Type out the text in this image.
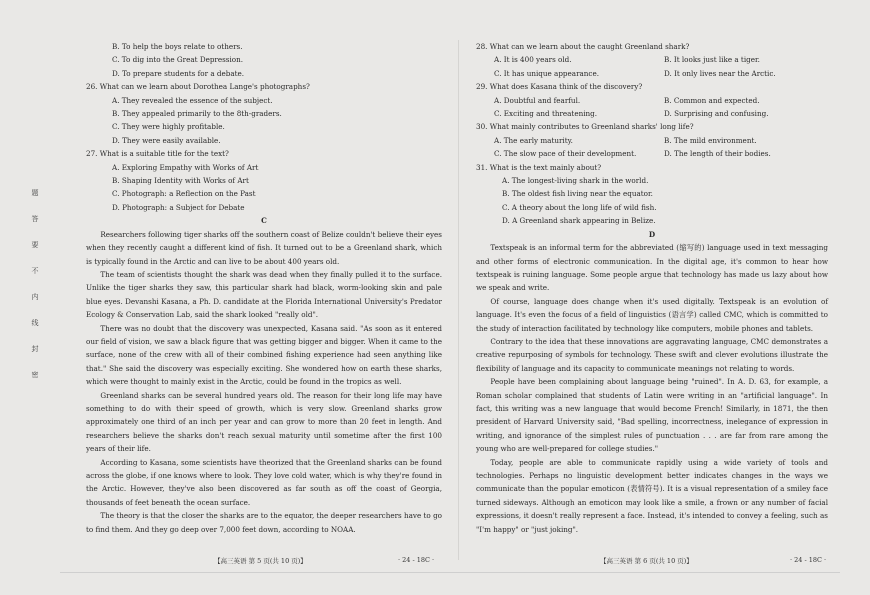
题
答
要
不
内
线
封
密

B. To help the boys relate to others.

C. To dig into the Great Depression.

D. To prepare students for a debate.

26. What can we learn about Dorothea Lange's photographs?

A. They revealed the essence of the subject.

B. They appealed primarily to the 8th-graders.

C. They were highly profitable.

D. They were easily available.

27. What is a suitable title for the text?

A. Exploring Empathy with Works of Art

B. Shaping Identity with Works of Art

C. Photograph: a Reflection on the Past

D. Photograph: a Subject for Debate

C

Researchers following tiger sharks off the southern coast of Belize couldn't believe their eyes when they recently caught a different kind of fish. It turned out to be a Greenland shark, which is typically found in the Arctic and can live to be about 400 years old.

The team of scientists thought the shark was dead when they finally pulled it to the surface. Unlike the tiger sharks they saw, this particular shark had black, worm-looking skin and pale blue eyes. Devanshi Kasana, a Ph. D. candidate at the Florida International University's Predator Ecology & Conservation Lab, said the shark looked "really old".

There was no doubt that the discovery was unexpected, Kasana said. "As soon as it entered our field of vision, we saw a black figure that was getting bigger and bigger. When it came to the surface, none of the crew with all of their combined fishing experience had seen anything like that." She said the discovery was especially exciting. She wondered how on earth these sharks, which were thought to mainly exist in the Arctic, could be found in the tropics as well.

Greenland sharks can be several hundred years old. The reason for their long life may have something to do with their speed of growth, which is very slow. Greenland sharks grow approximately one third of an inch per year and can grow to more than 20 feet in length. And researchers believe the sharks don't reach sexual maturity until sometime after the first 100 years of their life.

According to Kasana, some scientists have theorized that the Greenland sharks can be found across the globe, if one knows where to look. They love cold water, which is why they're found in the Arctic. However, they've also been discovered as far south as off the coast of Georgia, thousands of feet beneath the ocean surface.

The theory is that the closer the sharks are to the equator, the deeper researchers have to go to find them. And they go deep over 7,000 feet down, according to NOAA.

28. What can we learn about the caught Greenland shark?

A. It is 400 years old.	B. It looks just like a tiger.
C. It has unique appearance.	D. It only lives near the Arctic.

29. What does Kasana think of the discovery?

A. Doubtful and fearful.	B. Common and expected.
C. Exciting and threatening.	D. Surprising and confusing.

30. What mainly contributes to Greenland sharks' long life?

A. The early maturity.	B. The mild environment.
C. The slow pace of their development.	D. The length of their bodies.

31. What is the text mainly about?

A. The longest-living shark in the world.

B. The oldest fish living near the equator.

C. A theory about the long life of wild fish.

D. A Greenland shark appearing in Belize.

D

Textspeak is an informal term for the abbreviated (缩写的) language used in text messaging and other forms of electronic communication. In the digital age, it's common to hear how textspeak is ruining language. Some people argue that technology has made us lazy about how we speak and write.

Of course, language does change when it's used digitally. Textspeak is an evolution of language. It's even the focus of a field of linguistics (语言学) called CMC, which is committed to the study of interaction facilitated by technology like computers, mobile phones and tablets.

Contrary to the idea that these innovations are aggravating language, CMC demonstrates a creative repurposing of symbols for technology. These swift and clever evolutions illustrate the flexibility of language and its capacity to communicate meanings not relating to words.

People have been complaining about language being "ruined". In A. D. 63, for example, a Roman scholar complained that students of Latin were writing in an "artificial language". In fact, this writing was a new language that would become French! Similarly, in 1871, the then president of Harvard University said, "Bad spelling, incorrectness, inelegance of expression in writing, and ignorance of the simplest rules of punctuation . . . are far from rare among the young who are well-prepared for college studies."

Today, people are able to communicate rapidly using a wide variety of tools and technologies. Perhaps no linguistic development better indicates changes in the ways we communicate than the popular emoticon (表情符号). It is a visual representation of a smiley face turned sideways. Although an emoticon may look like a smile, a frown or any number of facial expressions, it doesn't really represent a face. Instead, it's intended to convey a feeling, such as "I'm happy" or "just joking".

【高三英语 第 5 页(共 10 页)】	· 24 - 18C ·	【高三英语 第 6 页(共 10 页)】	· 24 - 18C ·
